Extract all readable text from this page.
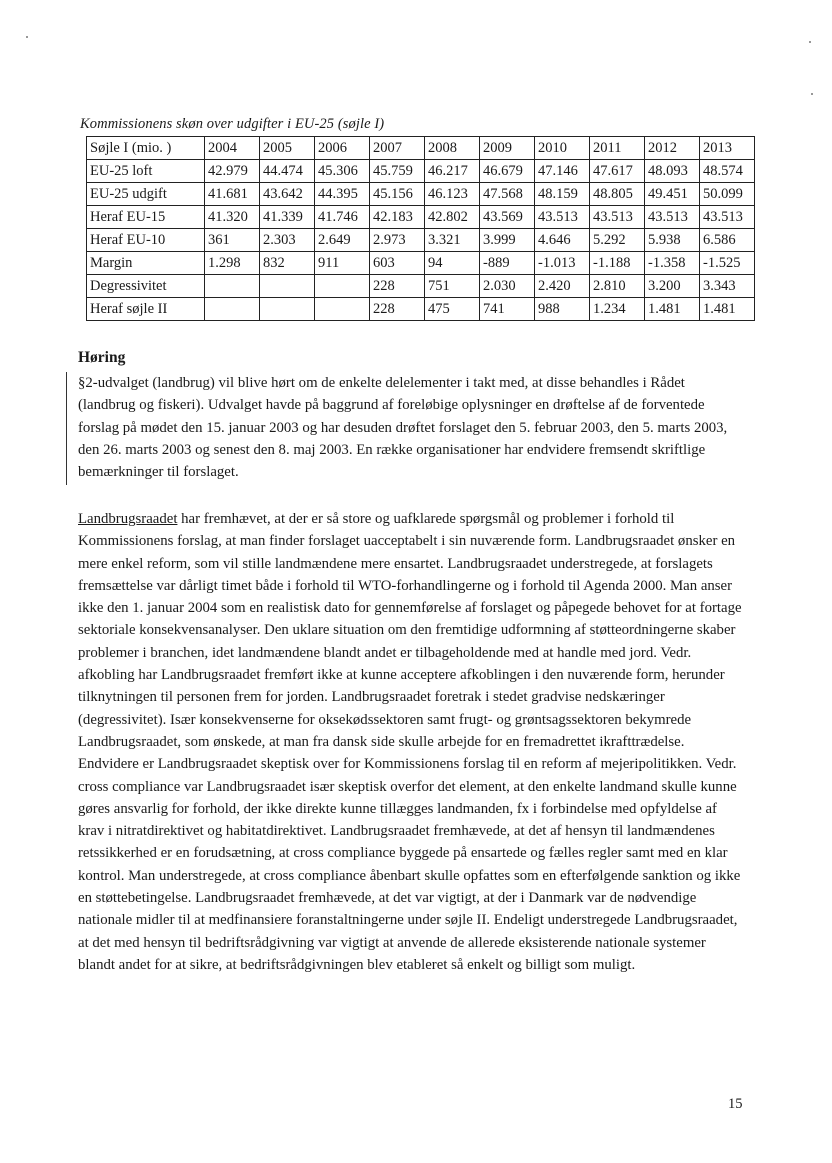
Kommissionens skøn over udgifter i EU-25 (søjle I)
Søjle I (mio. )	2004	2005	2006	2007	2008	2009	2010	2011	2012	2013
EU-25 loft	42.979	44.474	45.306	45.759	46.217	46.679	47.146	47.617	48.093	48.574
EU-25 udgift	41.681	43.642	44.395	45.156	46.123	47.568	48.159	48.805	49.451	50.099
Heraf EU-15	41.320	41.339	41.746	42.183	42.802	43.569	43.513	43.513	43.513	43.513
Heraf EU-10	361	2.303	2.649	2.973	3.321	3.999	4.646	5.292	5.938	6.586
Margin	1.298	832	911	603	94	-889	-1.013	-1.188	-1.358	-1.525
Degressivitet				228	751	2.030	2.420	2.810	3.200	3.343
Heraf søjle II				228	475	741	988	1.234	1.481	1.481
Høring

§2-udvalget (landbrug) vil blive hørt om de enkelte delelementer i takt med, at disse behandles i Rådet (landbrug og fiskeri). Udvalget havde på baggrund af foreløbige oplysninger en drøftelse af de forventede forslag på mødet den 15. januar 2003 og har desuden drøftet forslaget den 5. februar 2003, den 5. marts 2003, den 26. marts 2003 og senest den 8. maj 2003. En række organisationer har endvidere fremsendt skriftlige bemærkninger til forslaget.

Landbrugsraadet har fremhævet, at der er så store og uafklarede spørgsmål og problemer i forhold til Kommissionens forslag, at man finder forslaget uacceptabelt i sin nuværende form. Landbrugsraadet ønsker en mere enkel reform, som vil stille landmændene mere ensartet. Landbrugsraadet understregede, at forslagets fremsættelse var dårligt timet både i forhold til WTO-forhandlingerne og i forhold til Agenda 2000. Man anser ikke den 1. januar 2004 som en realistisk dato for gennemførelse af forslaget og påpegede behovet for at fortage sektoriale konsekvensanalyser. Den uklare situation om den fremtidige udformning af støtteordningerne skaber problemer i branchen, idet landmændene blandt andet er tilbageholdende med at handle med jord. Vedr. afkobling har Landbrugsraadet fremført ikke at kunne acceptere afkoblingen i den nuværende form, herunder tilknytningen til personen frem for jorden. Landbrugsraadet foretrak i stedet gradvise nedskæringer (degressivitet). Især konsekvenserne for oksekødssektoren samt frugt- og grøntsagssektoren bekymrede Landbrugsraadet, som ønskede, at man fra dansk side skulle arbejde for en fremadrettet ikrafttrædelse. Endvidere er Landbrugsraadet skeptisk over for Kommissionens forslag til en reform af mejeripolitikken. Vedr. cross compliance var Landbrugsraadet især skeptisk overfor det element, at den enkelte landmand skulle kunne gøres ansvarlig for forhold, der ikke direkte kunne tillægges landmanden, fx i forbindelse med opfyldelse af krav i nitratdirektivet og habitatdirektivet. Landbrugsraadet fremhævede, at det af hensyn til landmændenes retssikkerhed er en forudsætning, at cross compliance byggede på ensartede og fælles regler samt med en klar kontrol. Man understregede, at cross compliance åbenbart skulle opfattes som en efterfølgende sanktion og ikke en støttebetingelse. Landbrugsraadet fremhævede, at det var vigtigt, at der i Danmark var de nødvendige nationale midler til at medfinansiere foranstaltningerne under søjle II. Endeligt understregede Landbrugsraadet, at det med hensyn til bedriftsrådgivning var vigtigt at anvende de allerede eksisterende nationale systemer blandt andet for at sikre, at bedriftsrådgivningen blev etableret så enkelt og billigt som muligt.

15
